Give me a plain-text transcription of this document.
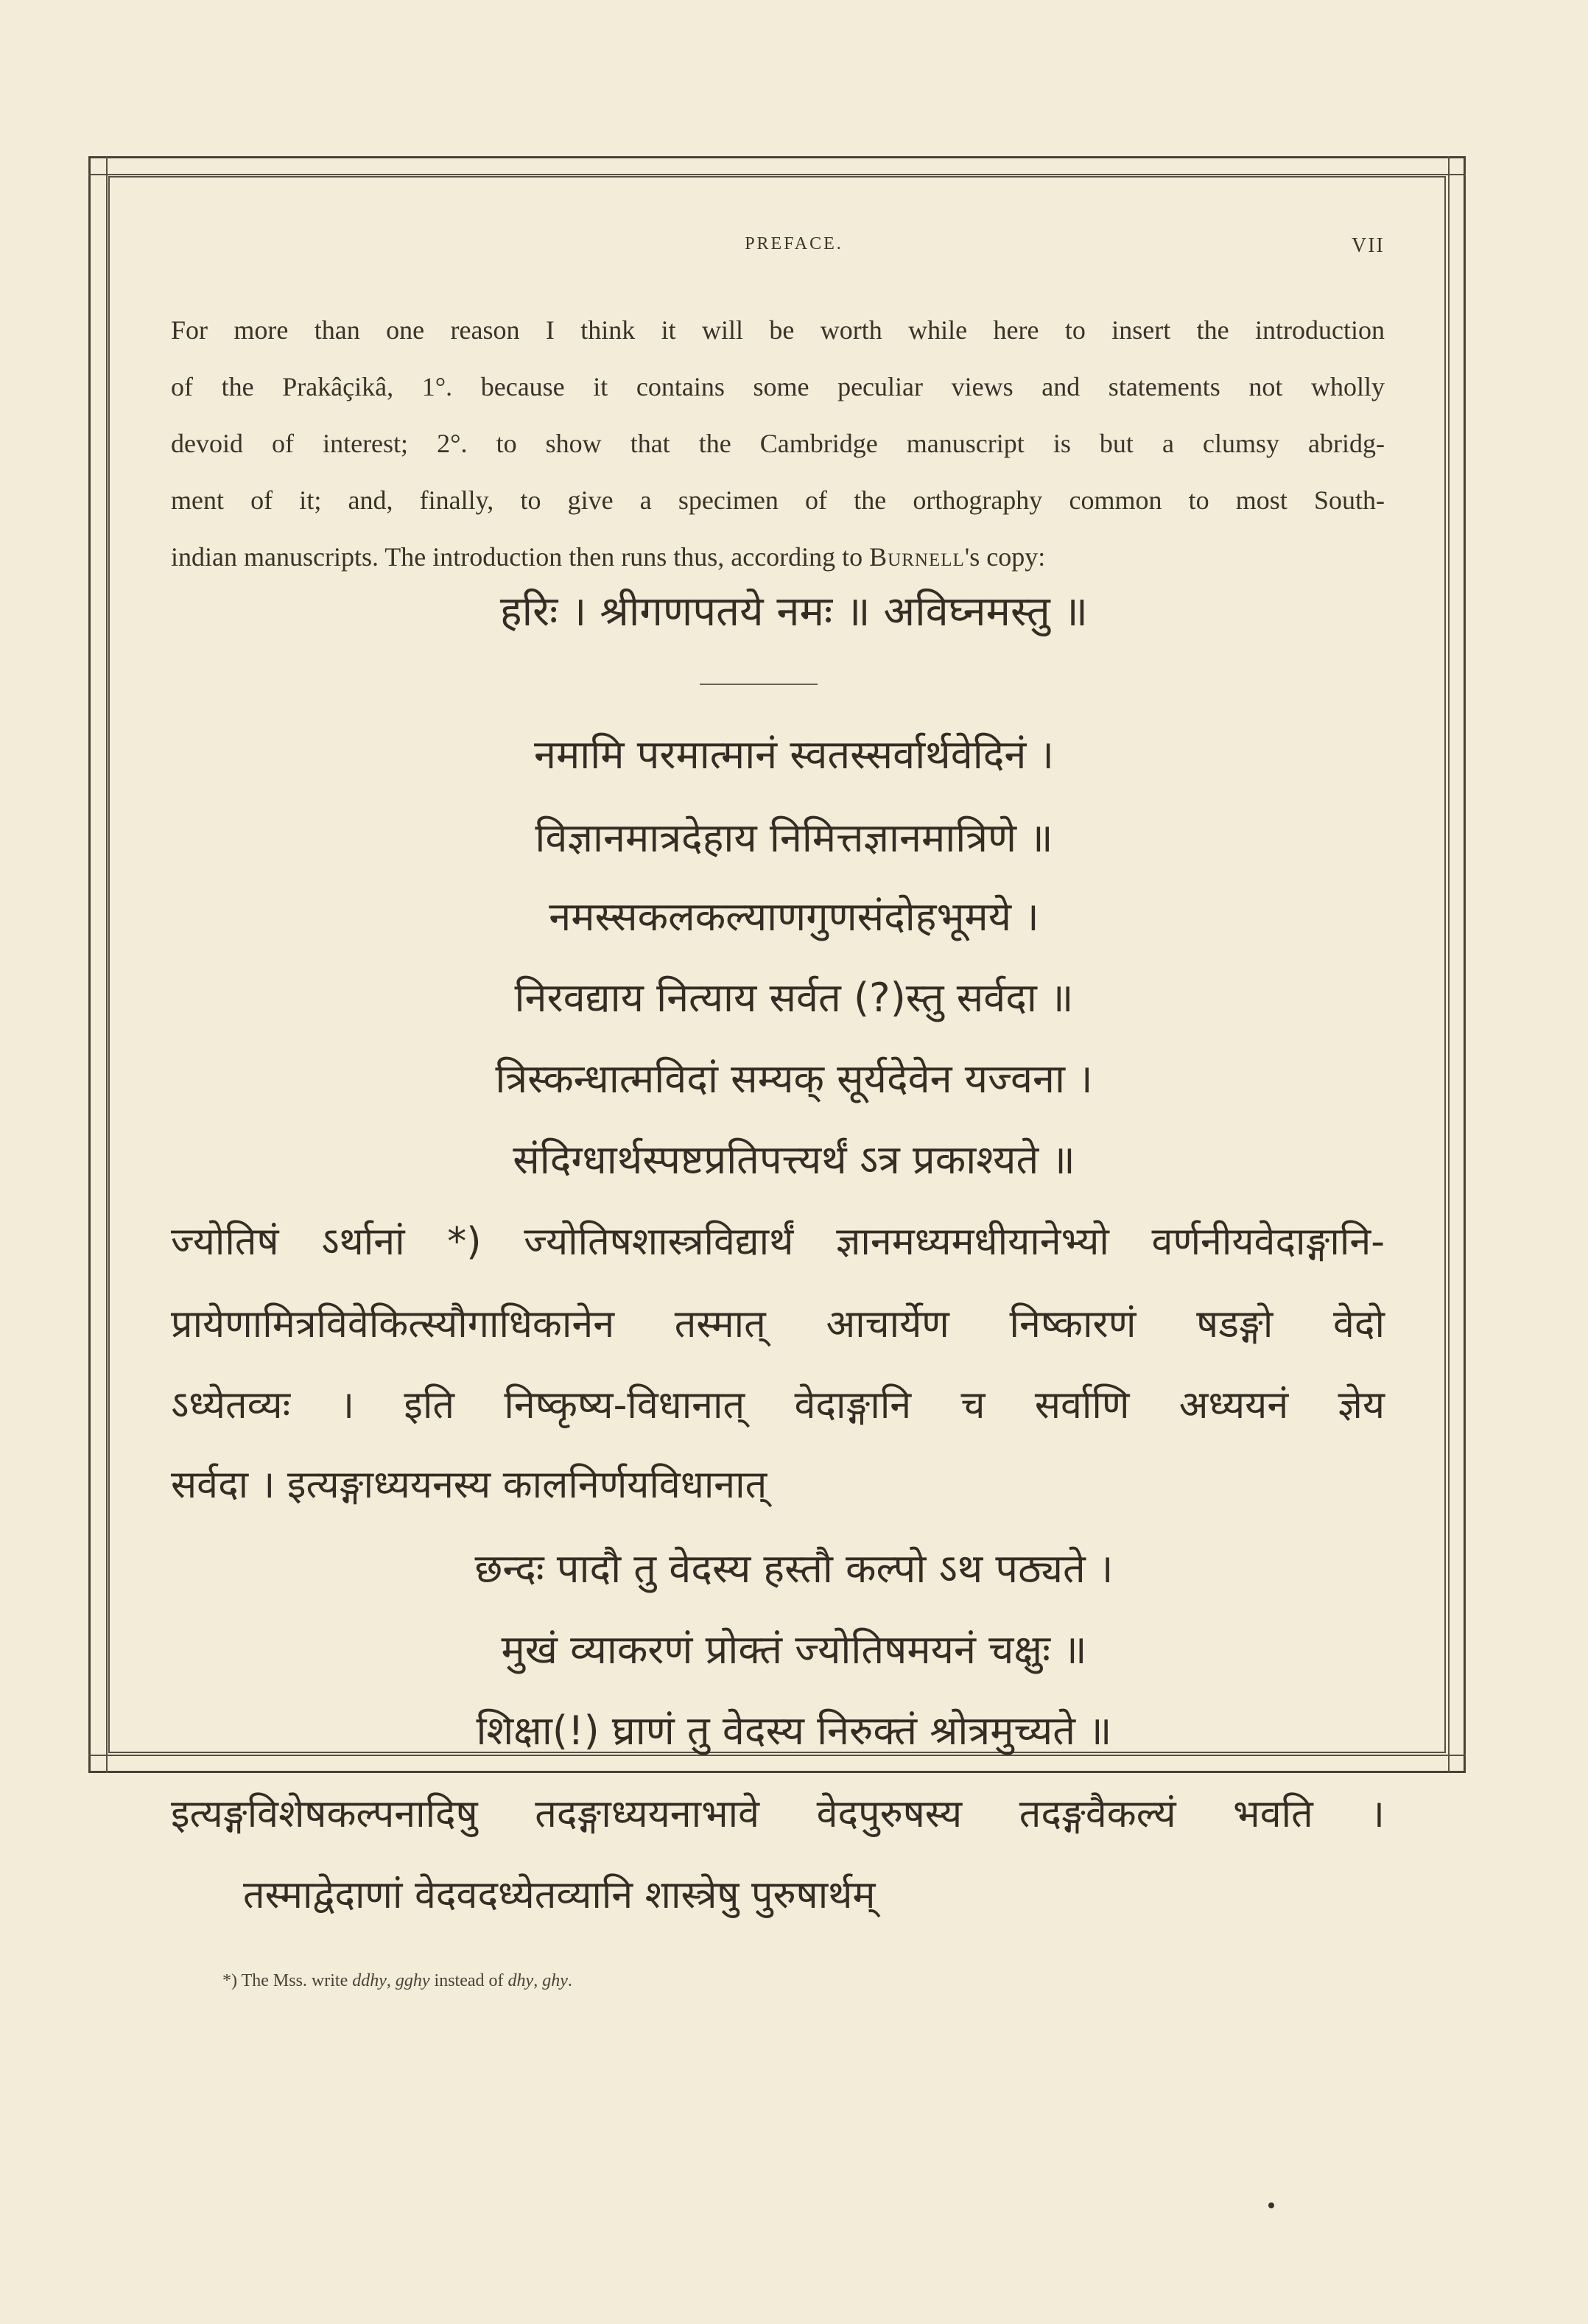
PREFACE.	VII
For more than one reason I think it will be worth while here to insert the introduction
of the Prakâçikâ, 1°. because it contains some peculiar views and statements not wholly
devoid of interest; 2°. to show that the Cambridge manuscript is but a clumsy abridg-
ment of it; and, finally, to give a specimen of the orthography common to most South-
indian manuscripts. The introduction then runs thus, according to Burnell's copy:
हरिः । श्रीगणपतये नमः ॥ अविघ्नमस्तु ॥
नमामि परमात्मानं स्वतस्सर्वार्थवेदिनं ।
विज्ञानमात्रदेहाय निमित्तज्ञानमात्रिणे ॥
नमस्सकलकल्याणगुणसंदोहभूमये ।
निरवद्याय नित्याय सर्वत (?)स्तु सर्वदा ॥
त्रिस्कन्धात्मविदां सम्यक् सूर्यदेवेन यज्वना ।
संदिग्धार्थस्पष्टप्रतिपत्त्यर्थं ऽत्र प्रकाश्यते ॥
ज्योतिषं ऽर्थानां *) ज्योतिषशास्त्रविद्यार्थं ज्ञानमध्यमधीयानेभ्यो वर्णनीयवेदाङ्गानि-
प्रायेणामित्रविवेकित्स्यौगाधिकानेन तस्मात् आचार्येण निष्कारणं षडङ्गो वेदो
ऽध्येतव्यः । इति निष्कृष्य-विधानात् वेदाङ्गानि च सर्वाणि अध्ययनं ज्ञेय
सर्वदा । इत्यङ्गाध्ययनस्य कालनिर्णयविधानात्
छन्दः पादौ तु वेदस्य हस्तौ कल्पो ऽथ पठ्यते ।
मुखं व्याकरणं प्रोक्तं ज्योतिषमयनं चक्षुः ॥
शिक्षा(!) घ्राणं तु वेदस्य निरुक्तं श्रोत्रमुच्यते ॥
इत्यङ्गविशेषकल्पनादिषु तदङ्गाध्ययनाभावे वेदपुरुषस्य तदङ्गवैकल्यं भवति ।
तस्माद्वेदाणां वेदवदध्येतव्यानि शास्त्रेषु पुरुषार्थम्
*) The Mss. write ddhy, gghy instead of dhy, ghy.
